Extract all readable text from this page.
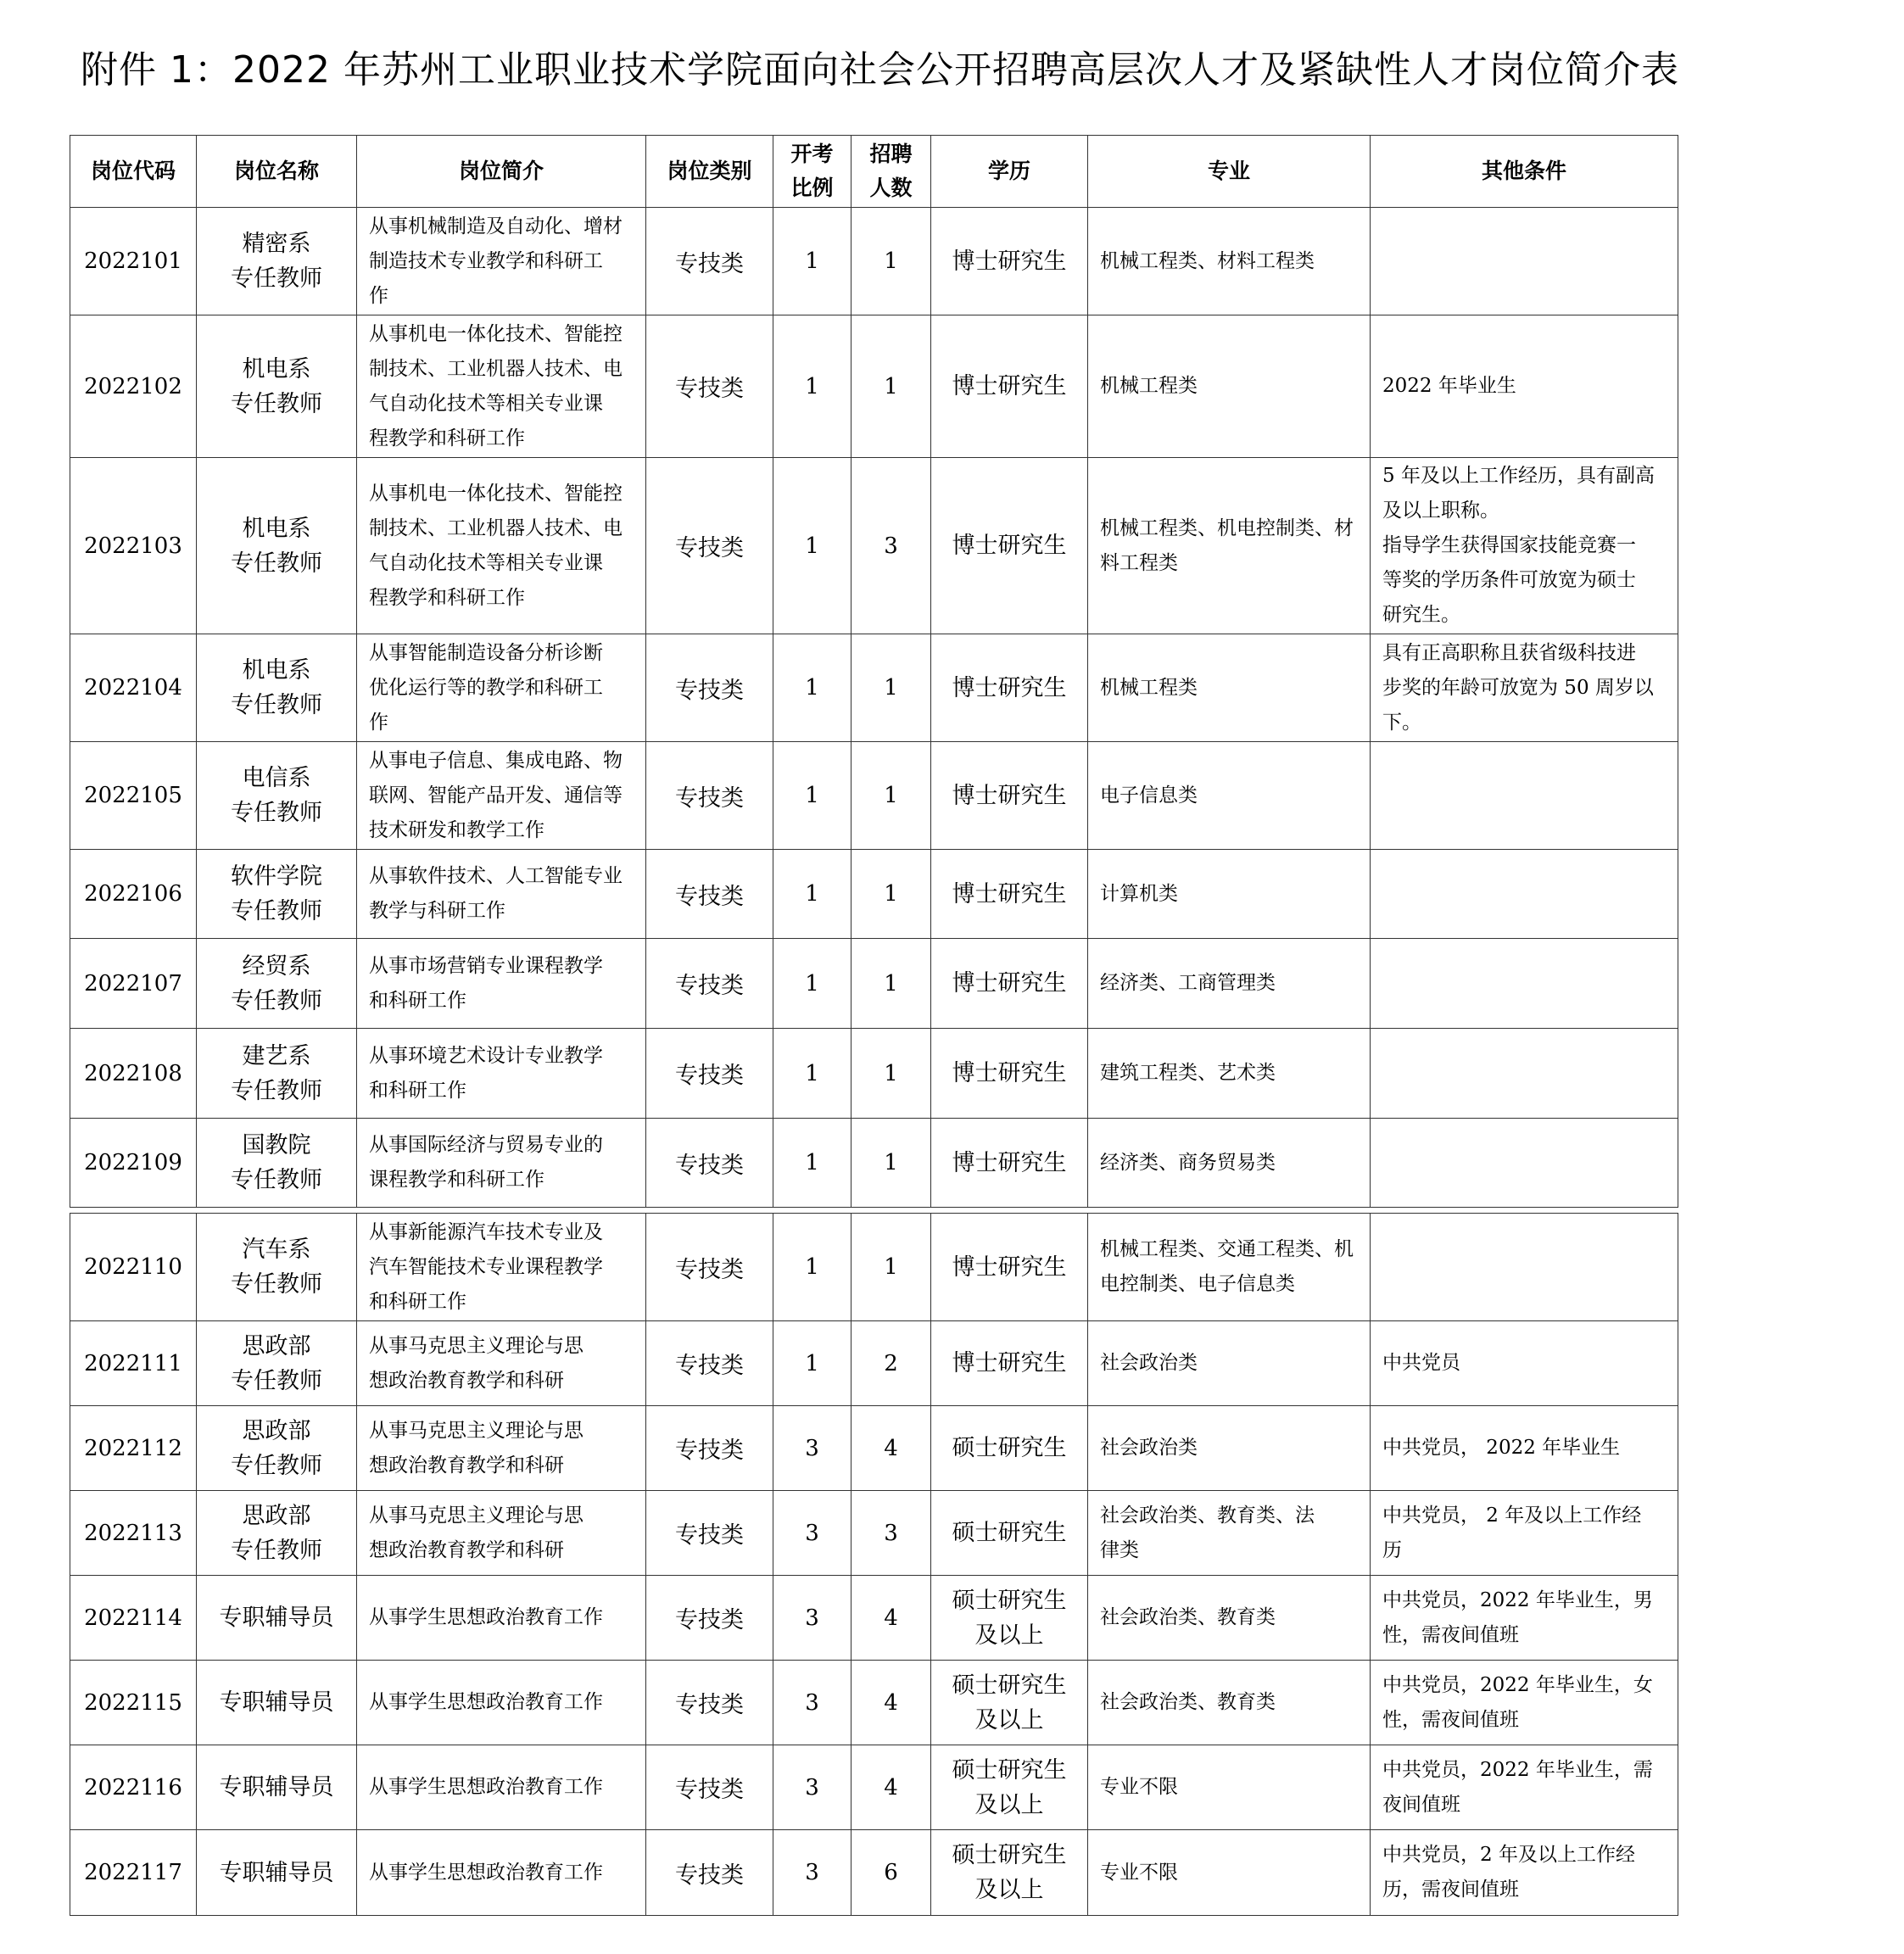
附件 1：2022 年苏州工业职业技术学院面向社会公开招聘高层次人才及紧缺性人才岗位简介表
岗位代码	岗位名称	岗位简介	岗位类别	开考
比例	招聘
人数	学历	专业	其他条件
2022101	精密系
专任教师	从事机械制造及自动化、增材
制造技术专业教学和科研工
作	专技类	1	1	博士研究生	机械工程类、材料工程类	

2022102	机电系
专任教师	从事机电一体化技术、智能控
制技术、工业机器人技术、电
气自动化技术等相关专业课
程教学和科研工作	专技类	1	1	博士研究生	机械工程类	2022 年毕业生

2022103	机电系
专任教师	从事机电一体化技术、智能控
制技术、工业机器人技术、电
气自动化技术等相关专业课
程教学和科研工作	专技类	1	3	博士研究生	机械工程类、机电控制类、材
料工程类	5 年及以上工作经历，具有副高
及以上职称。
指导学生获得国家技能竞赛一
等奖的学历条件可放宽为硕士
研究生。

2022104	机电系
专任教师	从事智能制造设备分析诊断
优化运行等的教学和科研工
作	专技类	1	1	博士研究生	机械工程类	具有正高职称且获省级科技进
步奖的年龄可放宽为 50 周岁以
下。

2022105	电信系
专任教师	从事电子信息、集成电路、物
联网、智能产品开发、通信等
技术研发和教学工作	专技类	1	1	博士研究生	电子信息类	

2022106	软件学院
专任教师	从事软件技术、人工智能专业
教学与科研工作	专技类	1	1	博士研究生	计算机类	

2022107	经贸系
专任教师	从事市场营销专业课程教学
和科研工作	专技类	1	1	博士研究生	经济类、工商管理类	

2022108	建艺系
专任教师	从事环境艺术设计专业教学
和科研工作	专技类	1	1	博士研究生	建筑工程类、艺术类	

2022109	国教院
专任教师	从事国际经济与贸易专业的
课程教学和科研工作	专技类	1	1	博士研究生	经济类、商务贸易类	

2022110	汽车系
专任教师	从事新能源汽车技术专业及
汽车智能技术专业课程教学
和科研工作	专技类	1	1	博士研究生	机械工程类、交通工程类、机
电控制类、电子信息类	

2022111	思政部
专任教师	从事马克思主义理论与思
想政治教育教学和科研	专技类	1	2	博士研究生	社会政治类	中共党员

2022112	思政部
专任教师	从事马克思主义理论与思
想政治教育教学和科研	专技类	3	4	硕士研究生	社会政治类	中共党员， 2022 年毕业生

2022113	思政部
专任教师	从事马克思主义理论与思
想政治教育教学和科研	专技类	3	3	硕士研究生	社会政治类、教育类、法
律类	中共党员， 2 年及以上工作经
历

2022114	专职辅导员	从事学生思想政治教育工作	专技类	3	4	硕士研究生
及以上	社会政治类、教育类	中共党员，2022 年毕业生，男
性，需夜间值班

2022115	专职辅导员	从事学生思想政治教育工作	专技类	3	4	硕士研究生
及以上	社会政治类、教育类	中共党员，2022 年毕业生，女
性，需夜间值班

2022116	专职辅导员	从事学生思想政治教育工作	专技类	3	4	硕士研究生
及以上	专业不限	中共党员，2022 年毕业生，需
夜间值班

2022117	专职辅导员	从事学生思想政治教育工作	专技类	3	6	硕士研究生
及以上	专业不限	中共党员，2 年及以上工作经
历，需夜间值班
